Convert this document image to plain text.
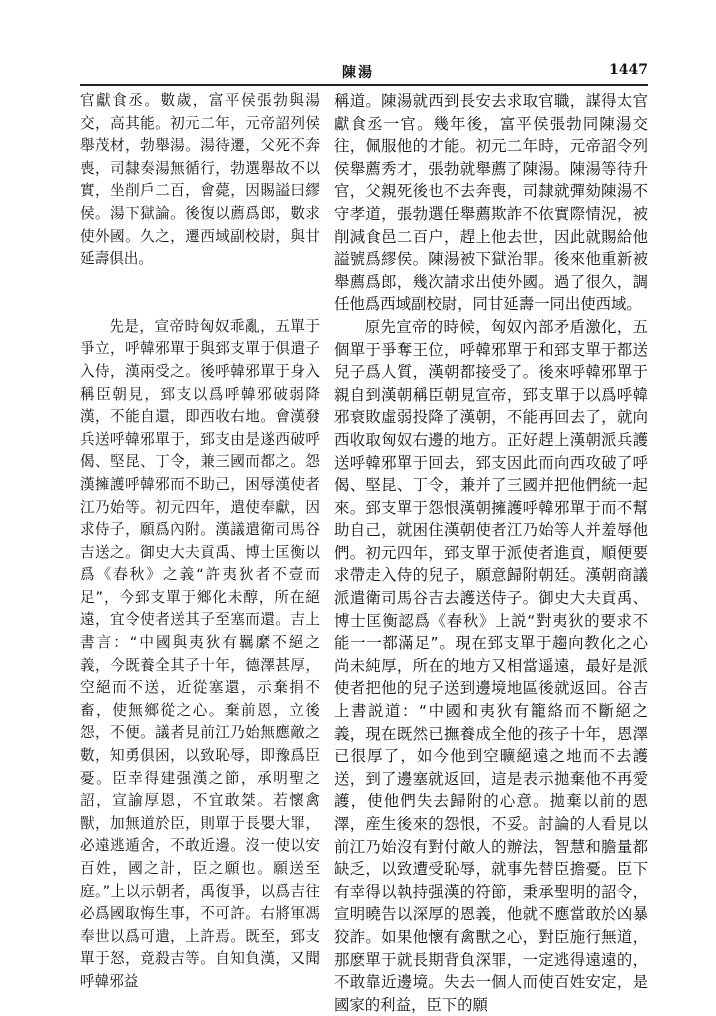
陳湯	1447

官獻食丞。數歲，富平侯張勃與湯交，高其能。初元二年，元帝詔列侯舉茂材，勃舉湯。湯待遷，父死不奔喪，司隸奏湯無循行，勃選舉故不以實，坐削戶二百，會薨，因賜謚曰繆侯。湯下獄論。後復以薦爲郎，數求使外國。久之，遷西域副校尉，與甘延壽俱出。

先是，宣帝時匈奴乖亂，五單于爭立，呼韓邪單于與郅支單于俱遣子入侍，漢兩受之。後呼韓邪單于身入稱臣朝見，郅支以爲呼韓邪破弱降漢，不能自還，即西收右地。會漢發兵送呼韓邪單于，郅支由是遂西破呼偈、堅昆、丁令，兼三國而都之。怨漢擁護呼韓邪而不助己，困辱漢使者江乃始等。初元四年，遣使奉獻，因求侍子，願爲內附。漢議遣衛司馬谷吉送之。御史大夫貢禹、博士匡衡以爲《春秋》之義“許夷狄者不壹而足”，今郅支單于鄉化未醇，所在絕遠，宜令使者送其子至塞而還。吉上書言：“中國與夷狄有羈縻不絕之義，今既養全其子十年，德澤甚厚，空絕而不送，近從塞還，示棄捐不畜，使無鄉從之心。棄前恩，立後怨，不便。議者見前江乃始無應敵之數，知勇俱困，以致恥辱，即豫爲臣憂。臣幸得建强漢之節，承明聖之詔，宣諭厚恩，不宜敢桀。若懷禽獸，加無道於臣，則單于長嬰大罪，必遠逃遁舍，不敢近邊。沒一使以安百姓，國之計，臣之願也。願送至庭。”上以示朝者，禹復爭，以爲吉往必爲國取悔生事，不可許。右將軍馮奉世以爲可遣，上許焉。既至，郅支單于怒，竟殺吉等。自知負漢，又聞呼韓邪益

稱道。陳湯就西到長安去求取官職，謀得太官獻食丞一官。幾年後，富平侯張勃同陳湯交往，佩服他的才能。初元二年時，元帝詔令列侯舉薦秀才，張勃就舉薦了陳湯。陳湯等待升官，父親死後也不去奔喪，司隸就彈劾陳湯不守孝道，張勃選任舉薦欺詐不依實際情況，被削減食邑二百户，趕上他去世，因此就賜給他謚號爲繆侯。陳湯被下獄治罪。後來他重新被舉薦爲郎，幾次請求出使外國。過了很久，調任他爲西域副校尉，同甘延壽一同出使西域。

原先宣帝的時候，匈奴內部矛盾激化，五個單于爭奪王位，呼韓邪單于和郅支單于都送兒子爲人質，漢朝都接受了。後來呼韓邪單于親自到漢朝稱臣朝見宣帝，郅支單于以爲呼韓邪衰敗虛弱投降了漢朝，不能再回去了，就向西收取匈奴右邊的地方。正好趕上漢朝派兵護送呼韓邪單于回去，郅支因此而向西攻破了呼偈、堅昆、丁令，兼并了三國并把他們統一起來。郅支單于怨恨漢朝擁護呼韓邪單于而不幫助自己，就困住漢朝使者江乃始等人并羞辱他們。初元四年，郅支單于派使者進貢，順便要求帶走入侍的兒子，願意歸附朝廷。漢朝商議派遣衛司馬谷吉去護送侍子。御史大夫貢禹、博士匡衡認爲《春秋》上説“對夷狄的要求不能一一都滿足”。現在郅支單于趨向教化之心尚未純厚，所在的地方又相當遥遠，最好是派使者把他的兒子送到邊境地區後就返回。谷吉上書説道：“中國和夷狄有籠絡而不斷絕之義，現在既然已撫養成全他的孩子十年，恩澤已很厚了，如今他到空曠絕遠之地而不去護送，到了邊塞就返回，這是表示拋棄他不再愛護，使他們失去歸附的心意。拋棄以前的恩澤，産生後來的怨恨，不妥。討論的人看見以前江乃始沒有對付敵人的辦法，智慧和膽量都缺乏，以致遭受恥辱，就事先替臣擔憂。臣下有幸得以執持强漢的符節，秉承聖明的詔令，宣明曉告以深厚的恩義，他就不應當敢於凶暴狡詐。如果他懷有禽獸之心，對臣施行無道，那麽單于就長期背負深罪，一定逃得遠遠的，不敢靠近邊境。失去一個人而使百姓安定，是國家的利益，臣下的願
